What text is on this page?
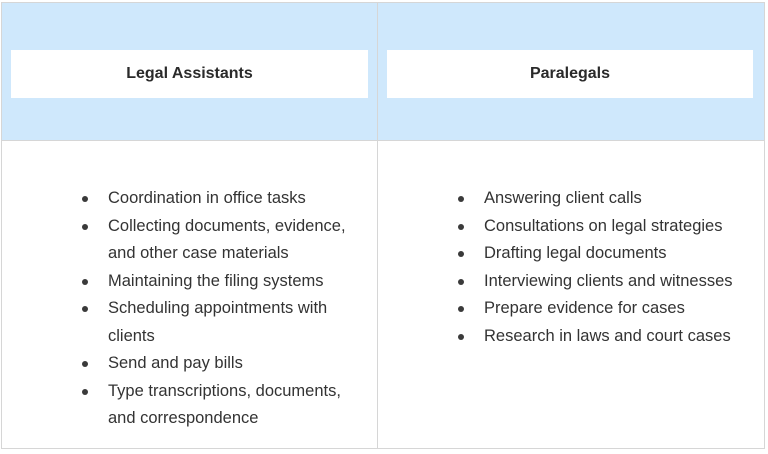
Legal Assistants	Paralegals
Coordination in office tasks
Collecting documents, evidence, and other case materials
Maintaining the filing systems
Scheduling appointments with clients
Send and pay bills
Type transcriptions, documents, and correspondence
Answering client calls
Consultations on legal strategies
Drafting legal documents
Interviewing clients and witnesses
Prepare evidence for cases
Research in laws and court cases
